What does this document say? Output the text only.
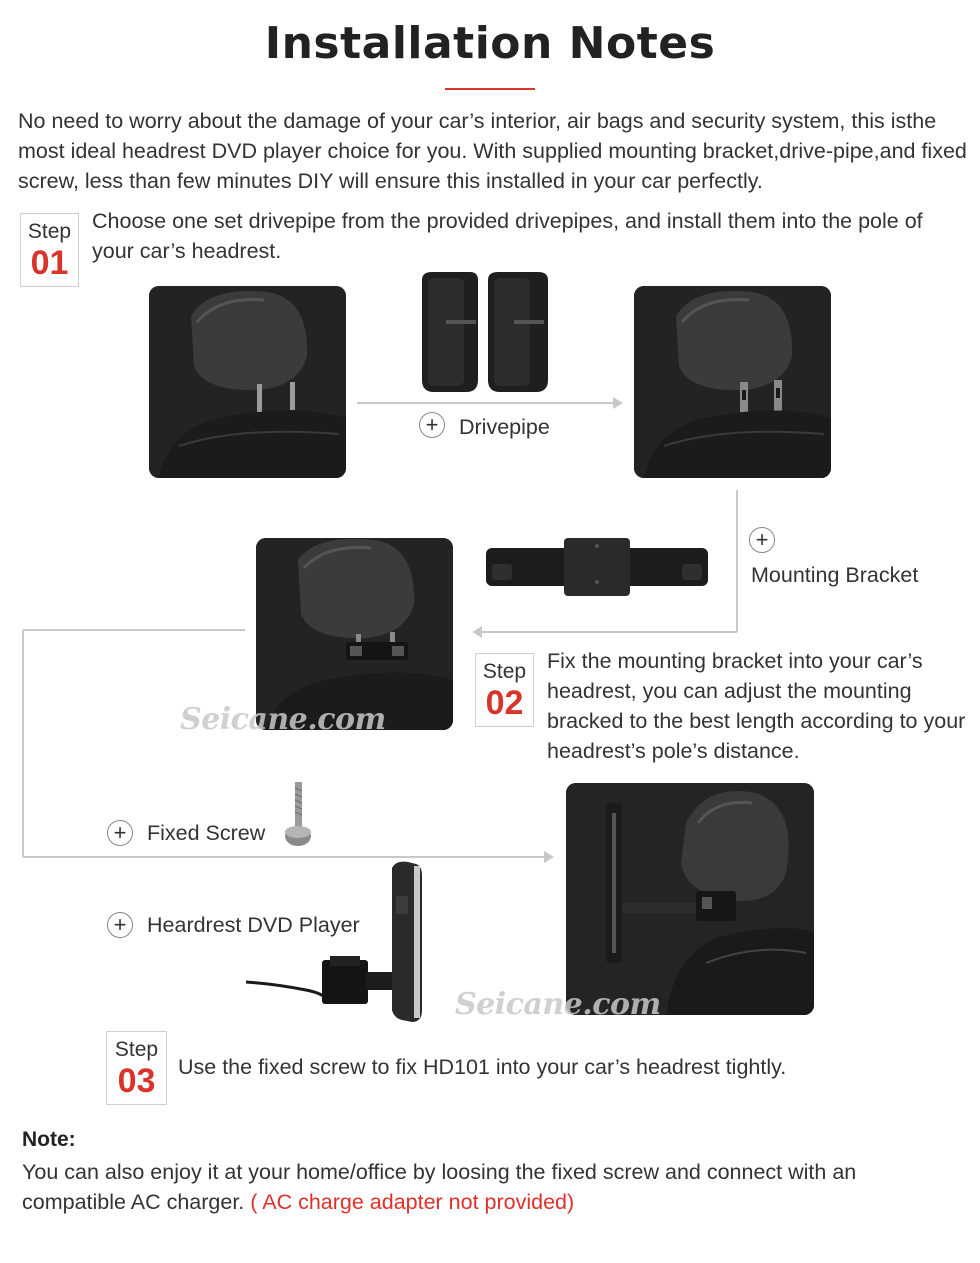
Installation Notes
No need to worry about the damage of your car’s interior, air bags and security system, this isthe most ideal headrest DVD player choice for you. With supplied mounting bracket,drive-pipe,and fixed screw, less than few minutes DIY will ensure this installed in your car perfectly.
Step
01
Choose one set drivepipe from the provided drivepipes, and install them into the pole of your car’s headrest.
+ Drivepipe
+
Mounting Bracket
Seicane.com
Step
02
Fix the mounting bracket into your car’s headrest, you can adjust the mounting bracked to the best length according to your headrest’s pole’s distance.
+ Fixed Screw
+ Heardrest DVD Player
Seicane.com
Step
03	Use the fixed screw to fix HD101 into your car’s headrest tightly.
Note:
You can also enjoy it at your home/office by loosing the fixed screw and connect with an compatible AC charger. ( AC charge adapter not provided)
